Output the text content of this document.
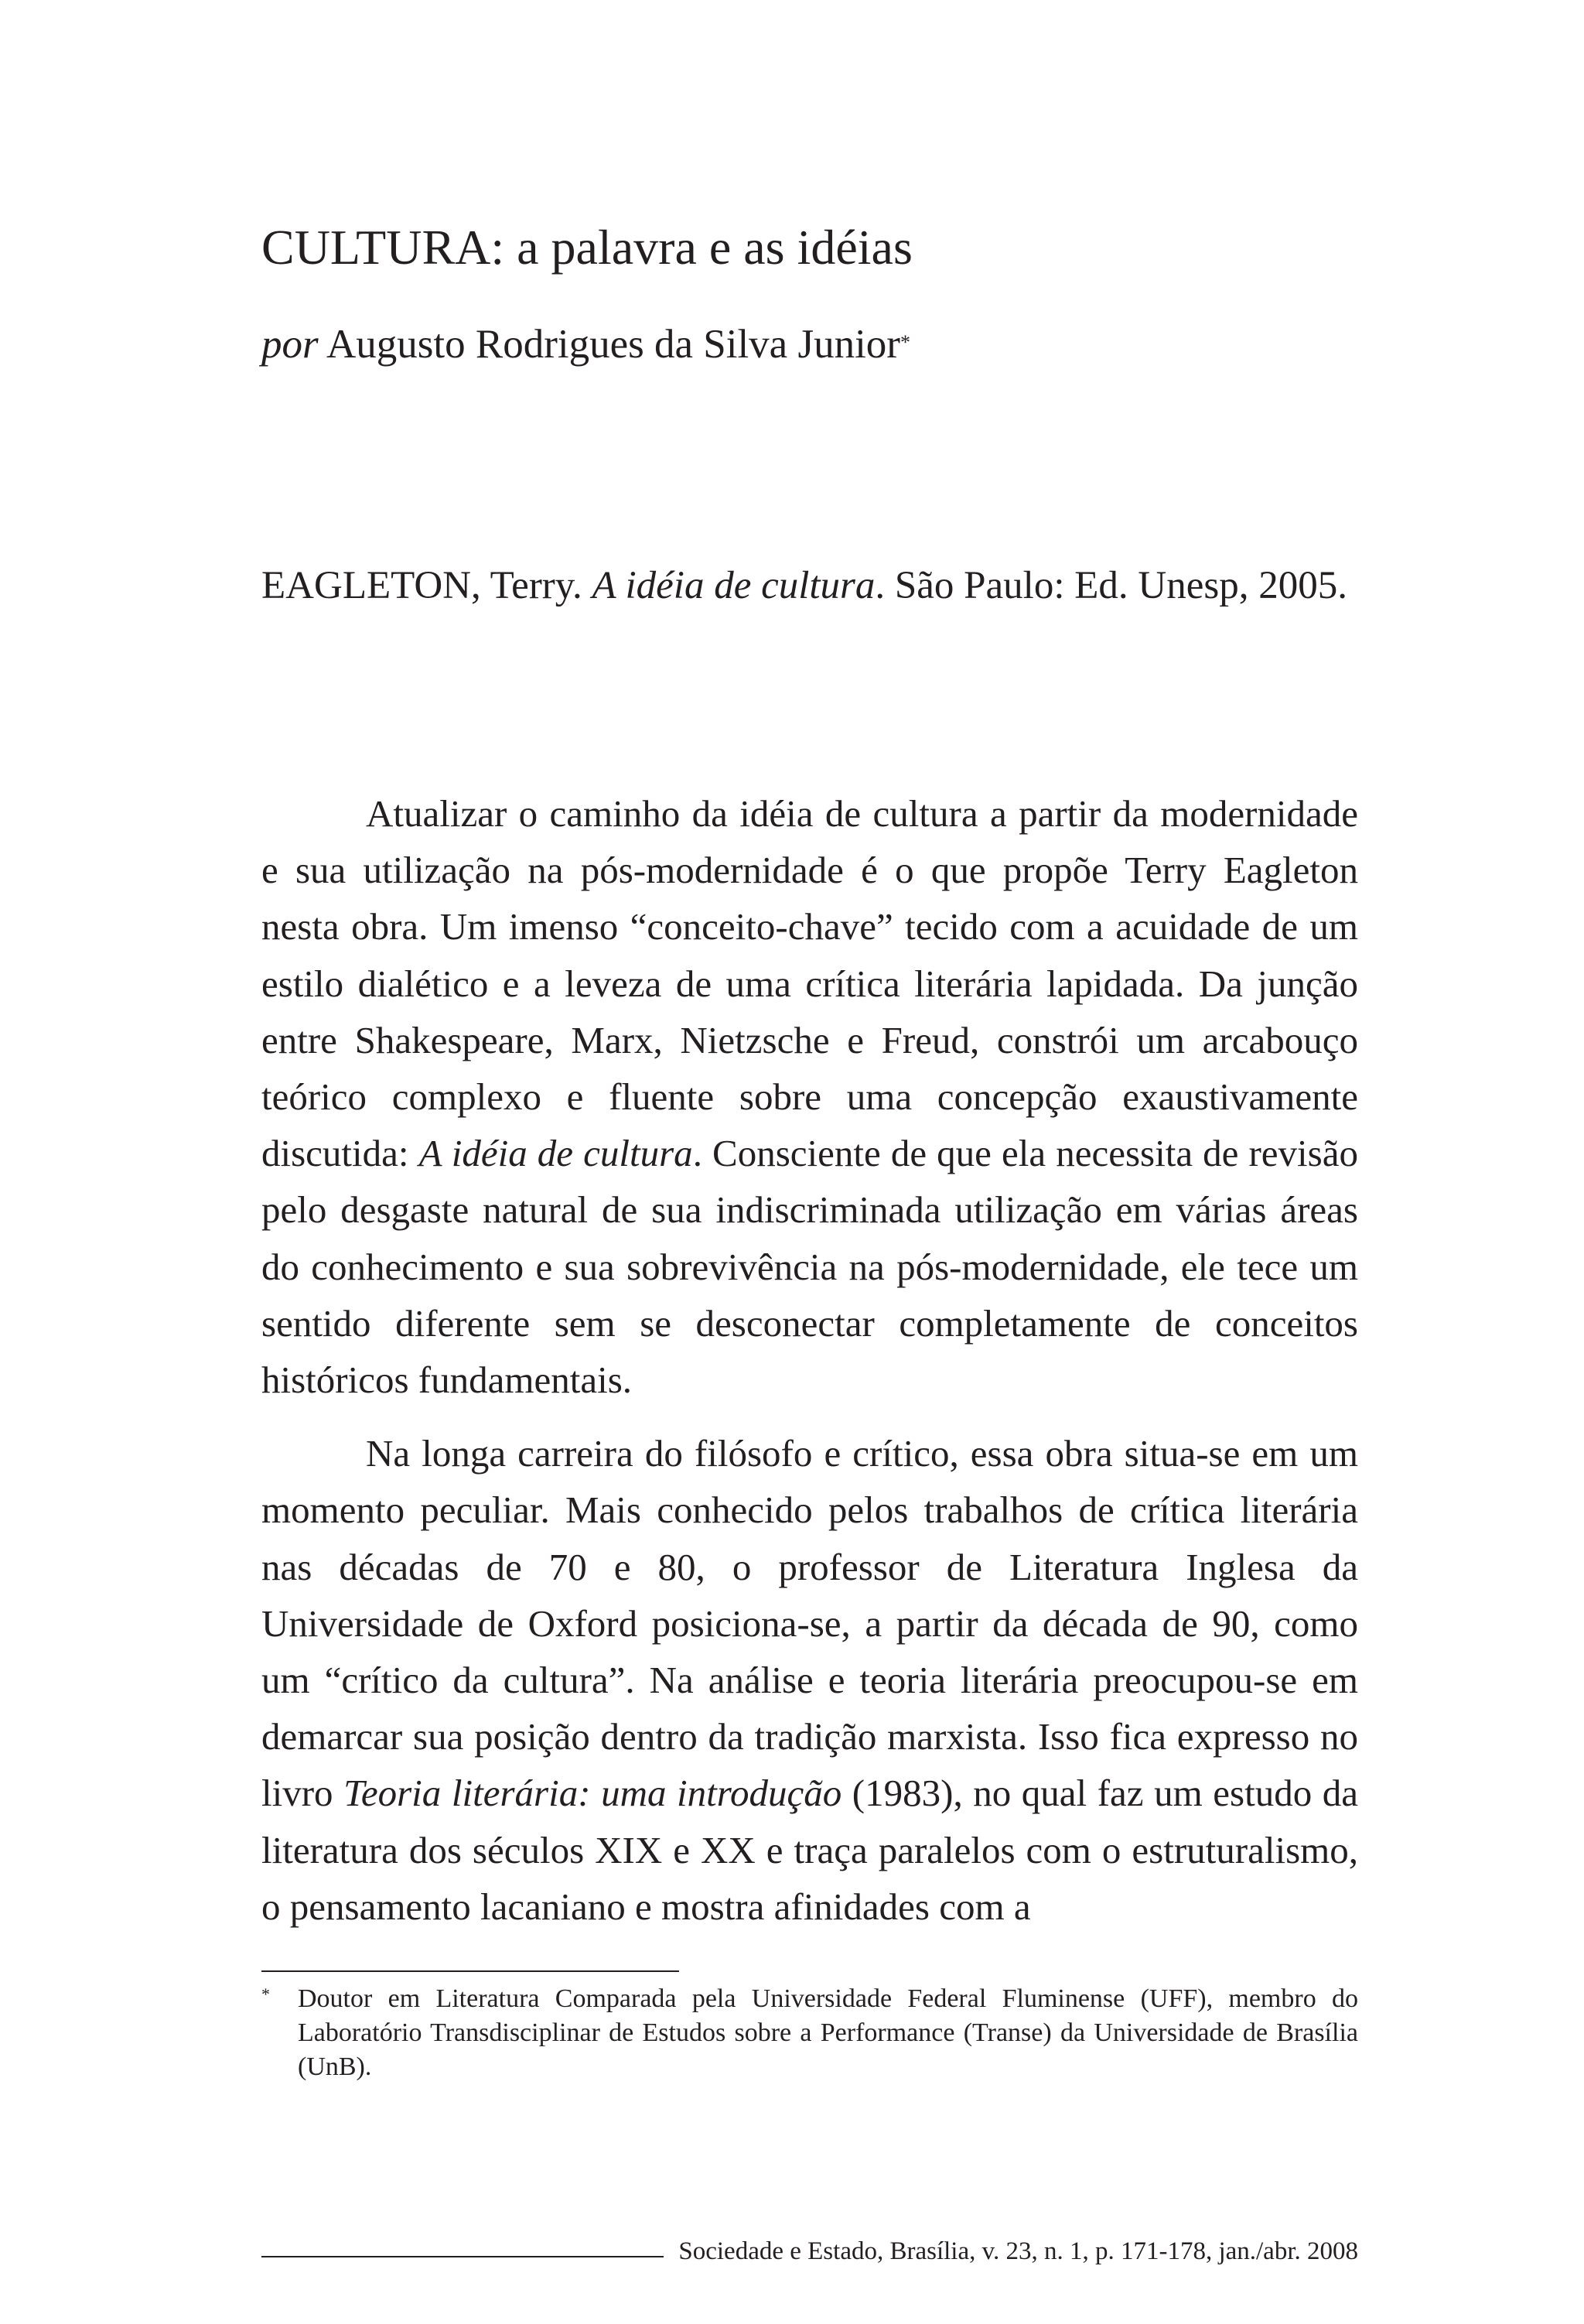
CULTURA: a palavra e as idéias

por Augusto Rodrigues da Silva Junior*

EAGLETON, Terry. A idéia de cultura. São Paulo: Ed. Unesp, 2005.

Atualizar o caminho da idéia de cultura a partir da modernidade e sua utilização na pós-modernidade é o que propõe Terry Eagleton nesta obra. Um imenso “conceito-chave” tecido com a acuidade de um estilo dialético e a leveza de uma crítica literária lapidada. Da junção entre Shakespeare, Marx, Nietzsche e Freud, constrói um arcabouço teórico complexo e fluente sobre uma concepção exaustivamente discutida: A idéia de cultura. Consciente de que ela necessita de revisão pelo desgaste natural de sua indiscriminada utilização em várias áreas do conhecimento e sua sobrevivência na pós-modernidade, ele tece um sentido diferente sem se desconectar completamente de conceitos históricos fundamentais.

Na longa carreira do filósofo e crítico, essa obra situa-se em um momento peculiar. Mais conhecido pelos trabalhos de crítica literária nas décadas de 70 e 80, o professor de Literatura Inglesa da Universidade de Oxford posiciona-se, a partir da década de 90, como um “crítico da cultura”. Na análise e teoria literária preocupou-se em demarcar sua posição dentro da tradição marxista. Isso fica expresso no livro Teoria literária: uma introdução (1983), no qual faz um estudo da literatura dos séculos XIX e XX e traça paralelos com o estruturalismo, o pensamento lacaniano e mostra afinidades com a

* Doutor em Literatura Comparada pela Universidade Federal Fluminense (UFF), membro do Laboratório Transdisciplinar de Estudos sobre a Performance (Transe) da Universidade de Brasília (UnB).

Sociedade e Estado, Brasília, v. 23, n. 1, p. 171-178, jan./abr. 2008
